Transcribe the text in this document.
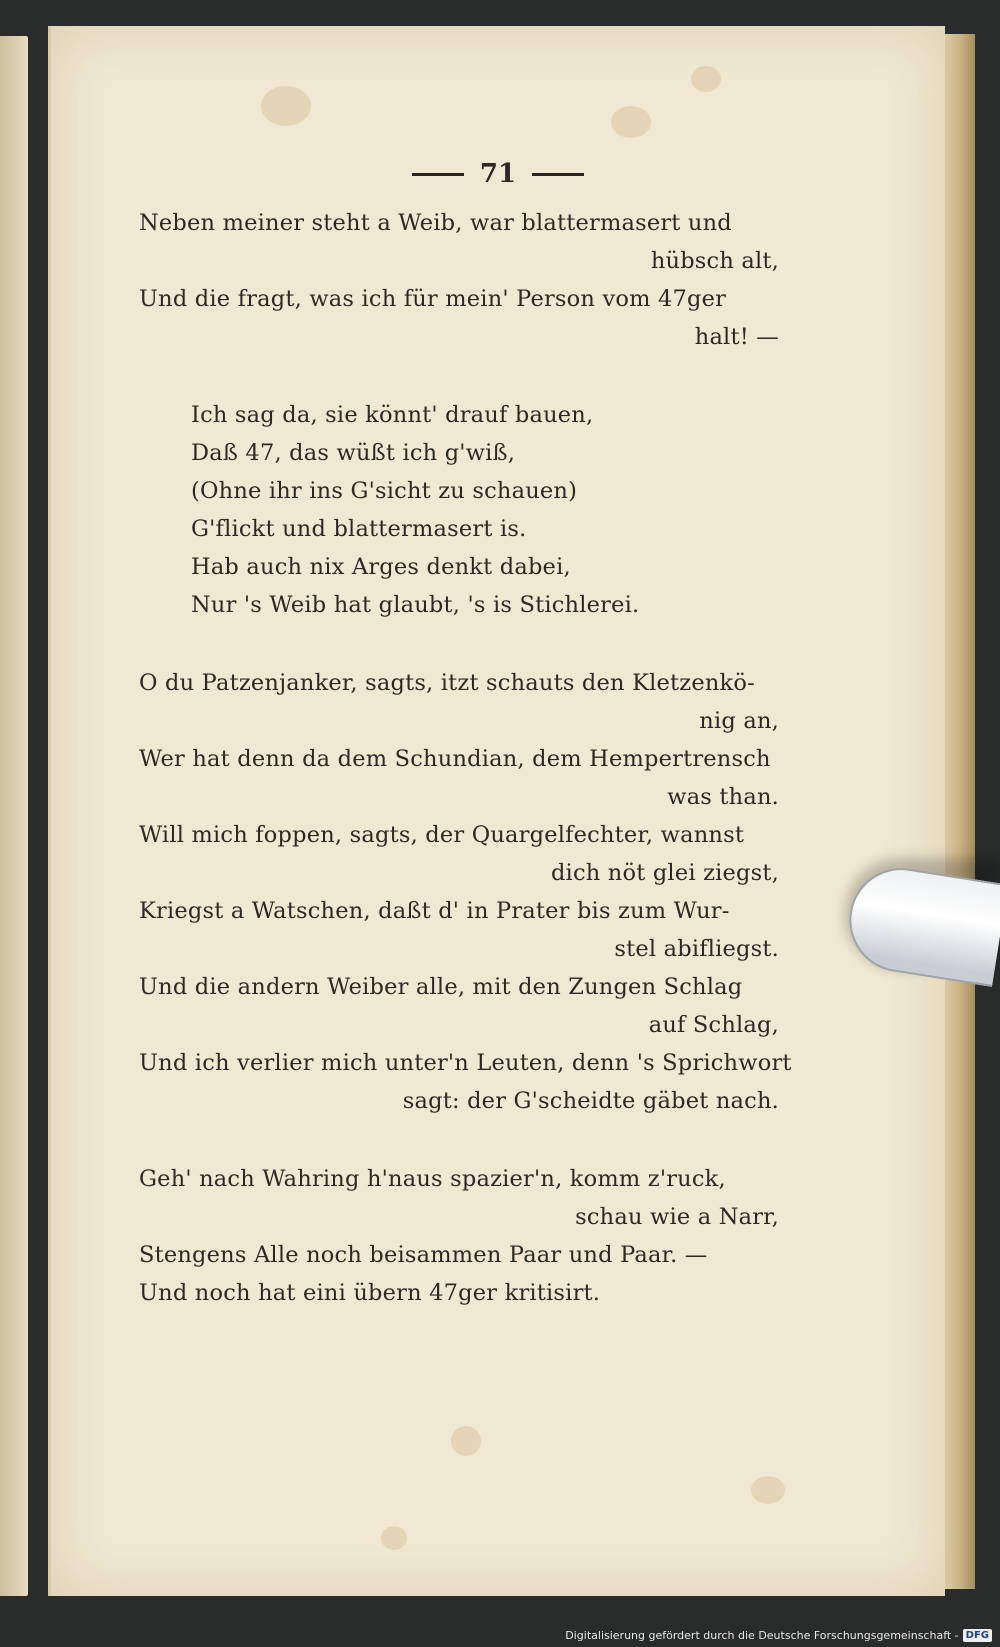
71
Neben meiner steht a Weib, war blattermasert und
hübsch alt,
Und die fragt, was ich für mein' Person vom 47ger
halt! —
Ich sag da, sie könnt' drauf bauen,
Daß 47, das wüßt ich g'wiß,
(Ohne ihr ins G'sicht zu schauen)
G'flickt und blattermasert is.
Hab auch nix Arges denkt dabei,
Nur 's Weib hat glaubt, 's is Stichlerei.
O du Patzenjanker, sagts, itzt schauts den Kletzenkö-
nig an,
Wer hat denn da dem Schundian, dem Hempertrensch
was than.
Will mich foppen, sagts, der Quargelfechter, wannst
dich nöt glei ziegst,
Kriegst a Watschen, daßt d' in Prater bis zum Wur-
stel abifliegst.
Und die andern Weiber alle, mit den Zungen Schlag
auf Schlag,
Und ich verlier mich unter'n Leuten, denn 's Sprichwort
sagt: der G'scheidte gäbet nach.
Geh' nach Wahring h'naus spazier'n, komm z'ruck,
schau wie a Narr,
Stengens Alle noch beisammen Paar und Paar. —
Und noch hat eini übern 47ger kritisirt.
Digitalisierung gefördert durch die Deutsche Forschungsgemeinschaft - DFG
